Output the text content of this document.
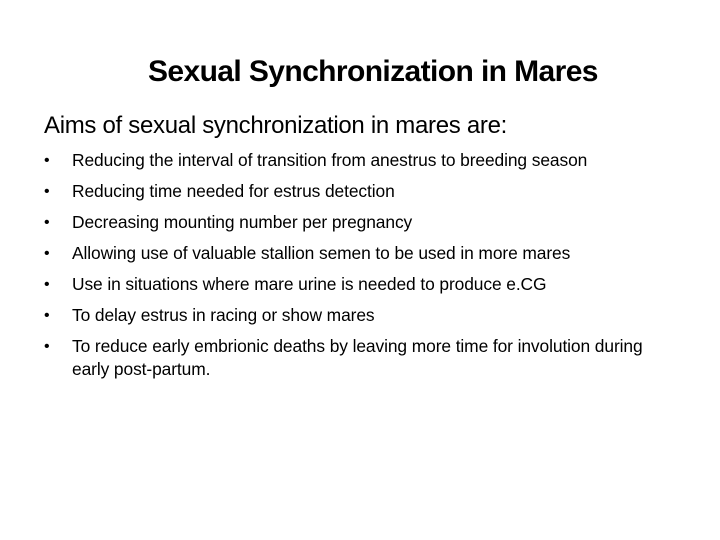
Sexual Synchronization in Mares
Aims of sexual synchronization in mares are:
•	Reducing the interval of transition from anestrus to breeding season
•	Reducing time needed for estrus detection
•	Decreasing mounting number per pregnancy
•	Allowing use of valuable stallion semen to be used in more mares
•	Use in situations where mare urine is needed to produce e.CG
•	To delay estrus in racing or show mares
•	To reduce early embrionic deaths by leaving more time for involution during early post-partum.
